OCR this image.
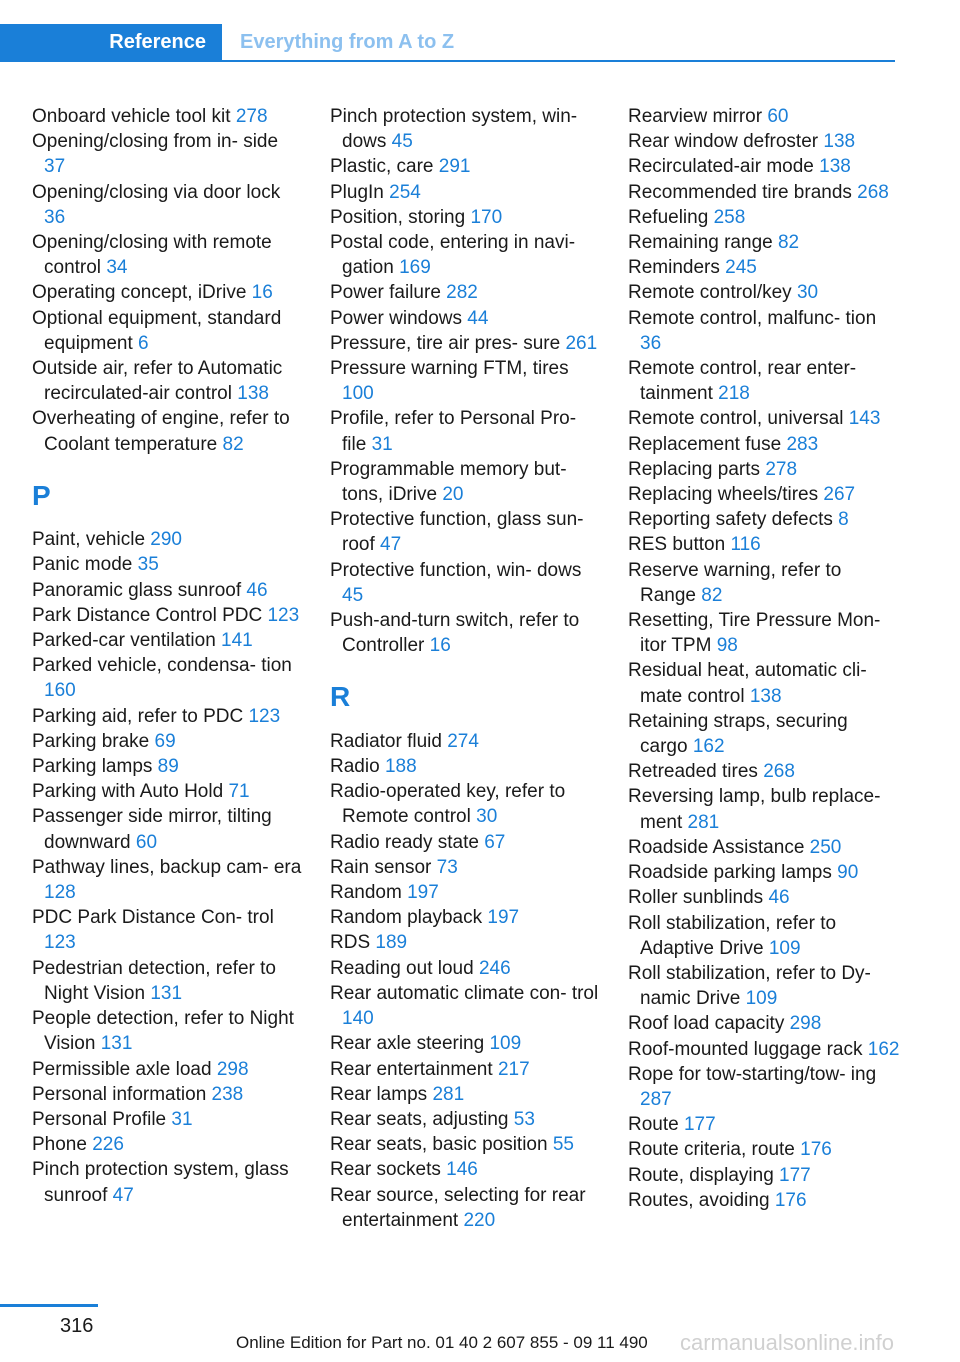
Reference	Everything from A to Z
Onboard vehicle tool kit 278
Opening/closing from in- side 37
Opening/closing via door lock 36
Opening/closing with remote control 34
Operating concept, iDrive 16
Optional equipment, standard equipment 6
Outside air, refer to Automatic recirculated-air control 138
Overheating of engine, refer to Coolant temperature 82
P
Paint, vehicle 290
Panic mode 35
Panoramic glass sunroof 46
Park Distance Control PDC 123
Parked-car ventilation 141
Parked vehicle, condensa- tion 160
Parking aid, refer to PDC 123
Parking brake 69
Parking lamps 89
Parking with Auto Hold 71
Passenger side mirror, tilting downward 60
Pathway lines, backup cam- era 128
PDC Park Distance Con- trol 123
Pedestrian detection, refer to Night Vision 131
People detection, refer to Night Vision 131
Permissible axle load 298
Personal information 238
Personal Profile 31
Phone 226
Pinch protection system, glass sunroof 47
Pinch protection system, win- dows 45
Plastic, care 291
PlugIn 254
Position, storing 170
Postal code, entering in navi- gation 169
Power failure 282
Power windows 44
Pressure, tire air pres- sure 261
Pressure warning FTM, tires 100
Profile, refer to Personal Pro- file 31
Programmable memory but- tons, iDrive 20
Protective function, glass sun- roof 47
Protective function, win- dows 45
Push-and-turn switch, refer to Controller 16
R
Radiator fluid 274
Radio 188
Radio-operated key, refer to Remote control 30
Radio ready state 67
Rain sensor 73
Random 197
Random playback 197
RDS 189
Reading out loud 246
Rear automatic climate con- trol 140
Rear axle steering 109
Rear entertainment 217
Rear lamps 281
Rear seats, adjusting 53
Rear seats, basic position 55
Rear sockets 146
Rear source, selecting for rear entertainment 220
Rearview mirror 60
Rear window defroster 138
Recirculated-air mode 138
Recommended tire brands 268
Refueling 258
Remaining range 82
Reminders 245
Remote control/key 30
Remote control, malfunc- tion 36
Remote control, rear enter- tainment 218
Remote control, universal 143
Replacement fuse 283
Replacing parts 278
Replacing wheels/tires 267
Reporting safety defects 8
RES button 116
Reserve warning, refer to Range 82
Resetting, Tire Pressure Mon- itor TPM 98
Residual heat, automatic cli- mate control 138
Retaining straps, securing cargo 162
Retreaded tires 268
Reversing lamp, bulb replace- ment 281
Roadside Assistance 250
Roadside parking lamps 90
Roller sunblinds 46
Roll stabilization, refer to Adaptive Drive 109
Roll stabilization, refer to Dy- namic Drive 109
Roof load capacity 298
Roof-mounted luggage rack 162
Rope for tow-starting/tow- ing 287
Route 177
Route criteria, route 176
Route, displaying 177
Routes, avoiding 176
316
Online Edition for Part no. 01 40 2 607 855 - 09 11 490 carmanualsonline.info
